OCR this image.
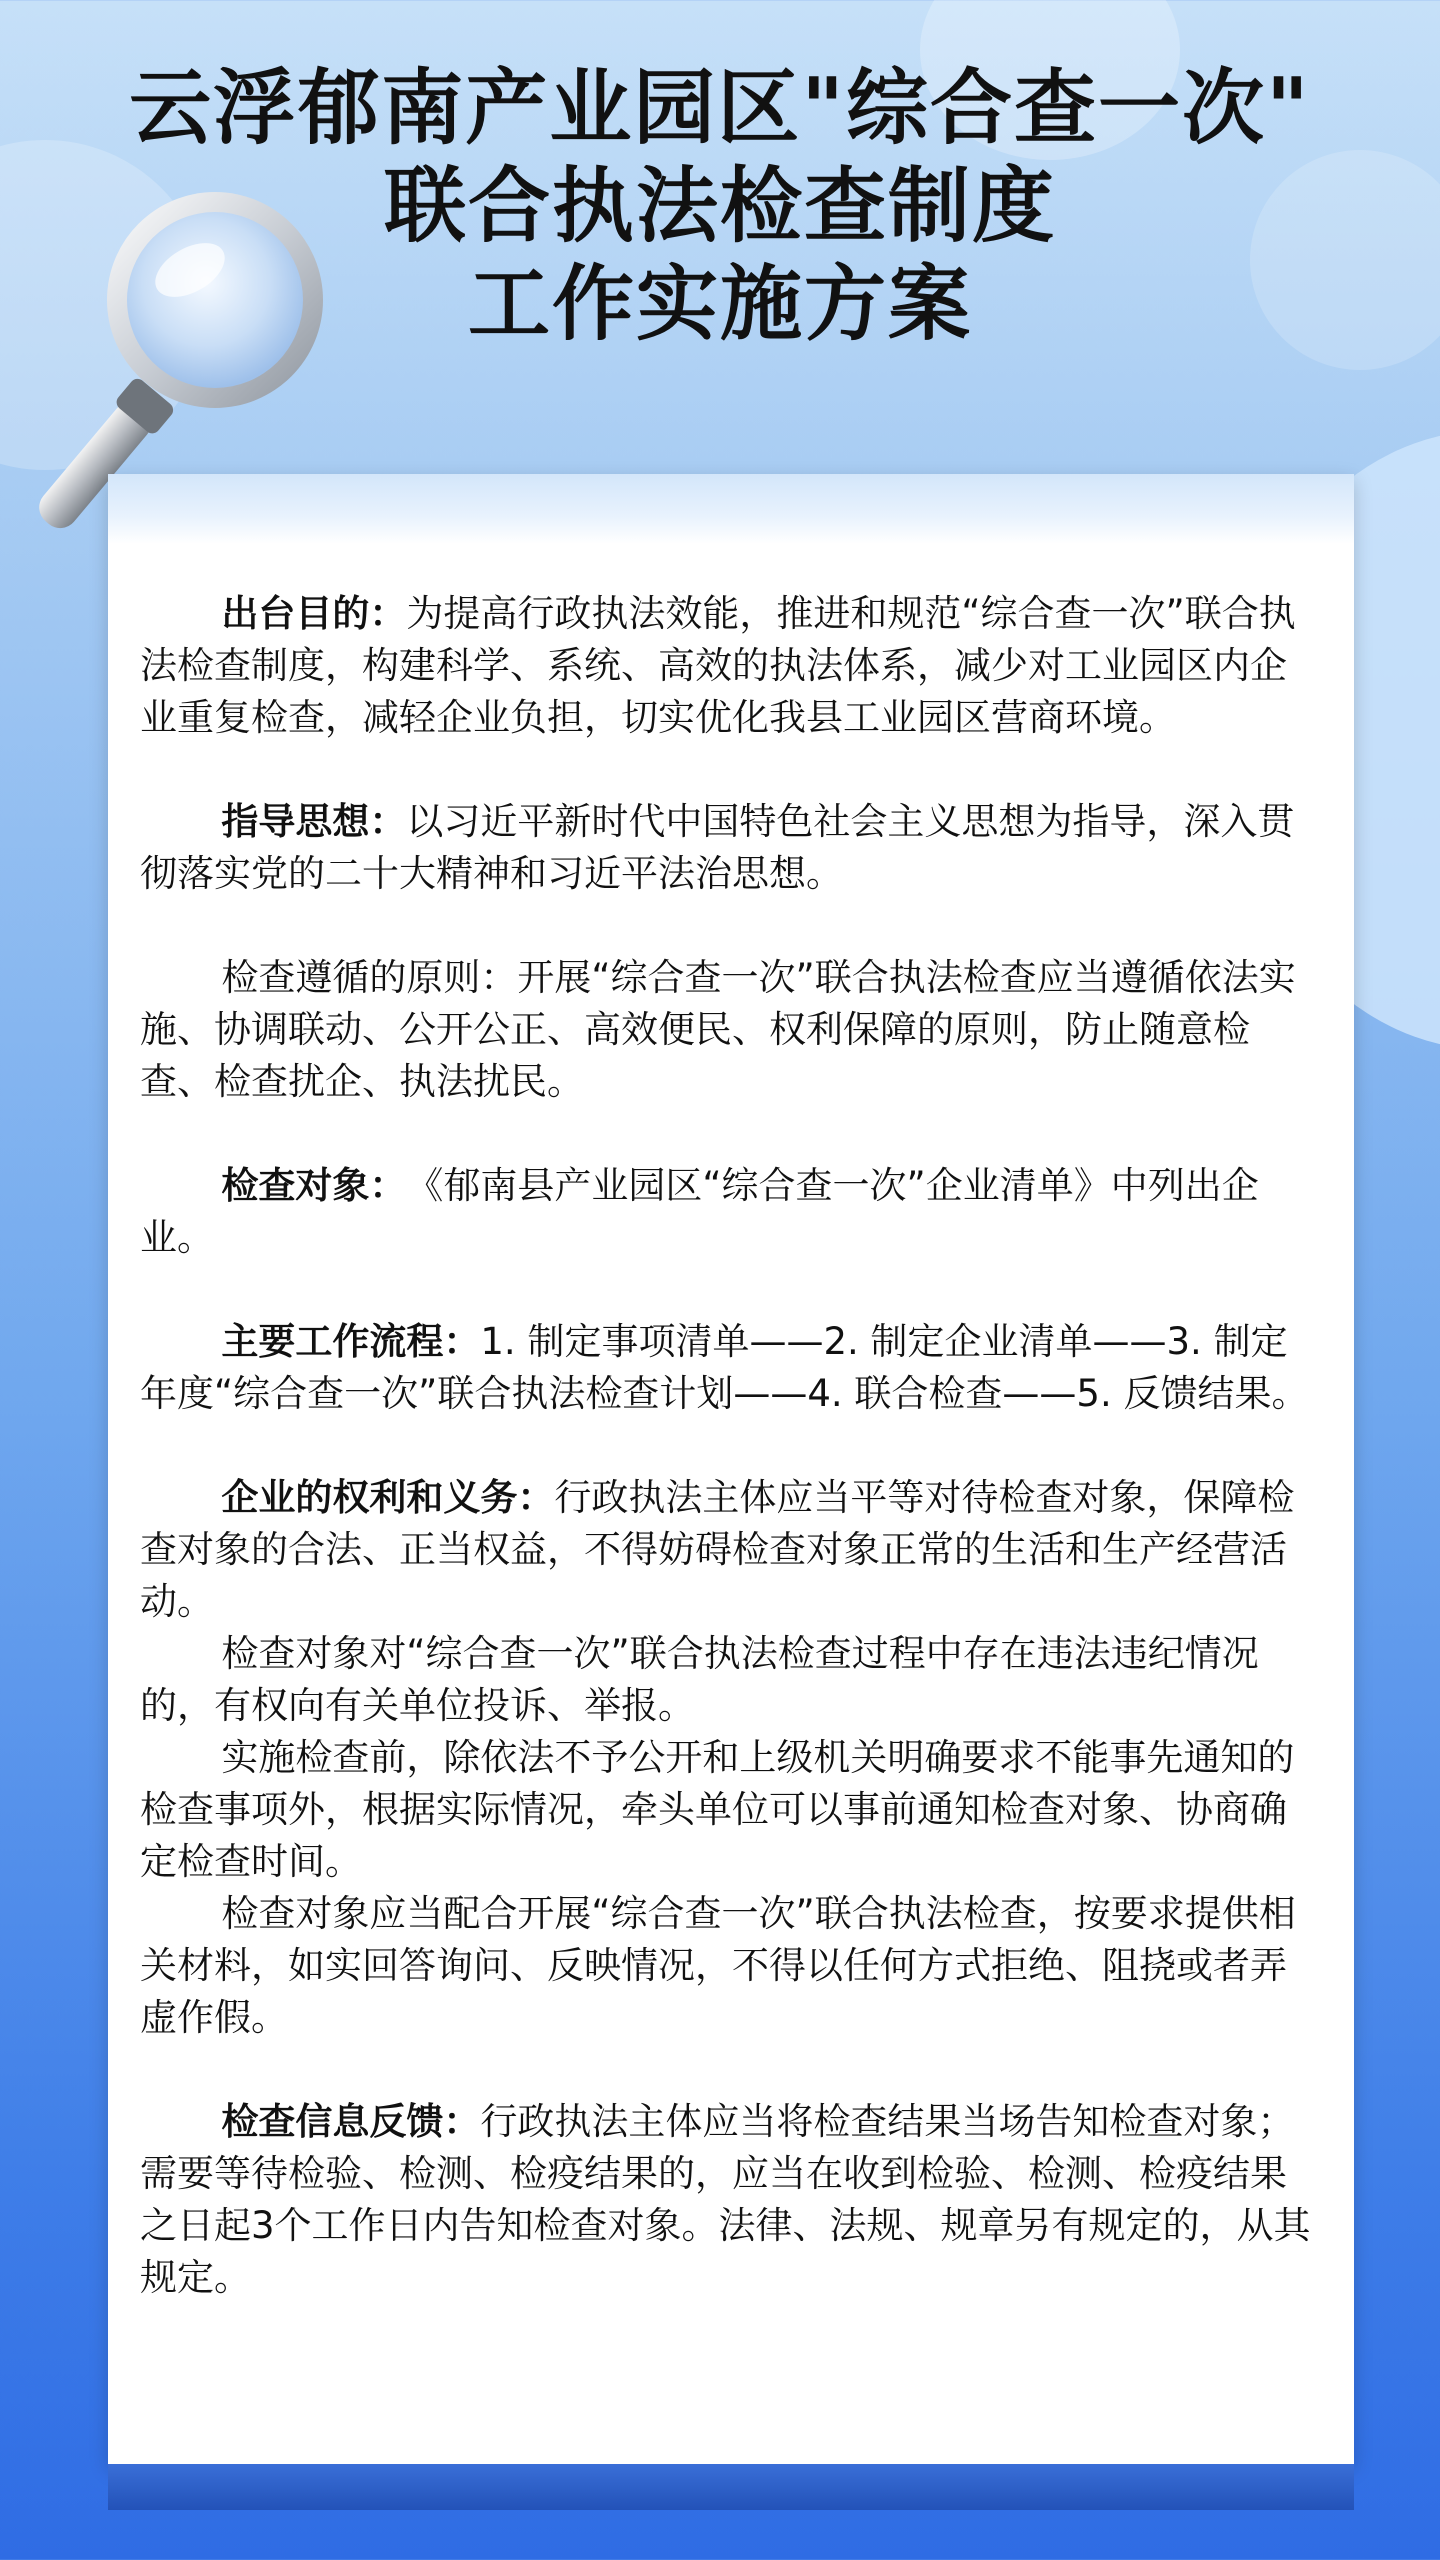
云浮郁南产业园区"综合查一次"
联合执法检查制度
工作实施方案

出台目的：为提高行政执法效能，推进和规范“综合查一次”联合执法检查制度，构建科学、系统、高效的执法体系，减少对工业园区内企业重复检查，减轻企业负担，切实优化我县工业园区营商环境。

指导思想：以习近平新时代中国特色社会主义思想为指导，深入贯彻落实党的二十大精神和习近平法治思想。

检查遵循的原则：开展“综合查一次”联合执法检查应当遵循依法实施、协调联动、公开公正、高效便民、权利保障的原则，防止随意检查、检查扰企、执法扰民。

检查对象：　《郁南县产业园区“综合查一次”企业清单》中列出企业。

主要工作流程：1. 制定事项清单——2. 制定企业清单——3. 制定　年度“综合查一次”联合执法检查计划——4. 联合检查——5. 反馈结果。

企业的权利和义务：行政执法主体应当平等对待检查对象，保障检查对象的合法、正当权益，不得妨碍检查对象正常的生活和生产经营活动。

检查对象对“综合查一次”联合执法检查过程中存在违法违纪情况的，有权向有关单位投诉、举报。

实施检查前，除依法不予公开和上级机关明确要求不能事先通知的检查事项外，根据实际情况，牵头单位可以事前通知检查对象、协商确定检查时间。

检查对象应当配合开展“综合查一次”联合执法检查，按要求提供相关材料，如实回答询问、反映情况，不得以任何方式拒绝、阻挠或者弄虚作假。

检查信息反馈：行政执法主体应当将检查结果当场告知检查对象；需要等待检验、检测、检疫结果的，应当在收到检验、检测、检疫结果之日起3个工作日内告知检查对象。法律、法规、规章另有规定的，从其规定。
